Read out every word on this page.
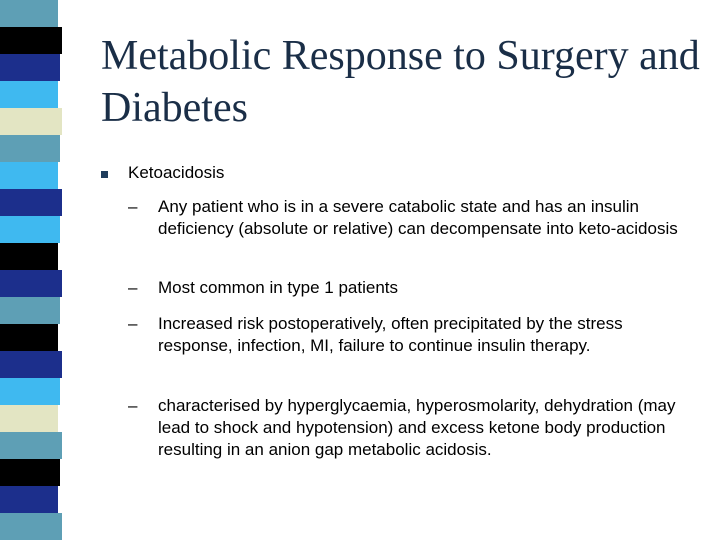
Metabolic Response to Surgery and Diabetes
Ketoacidosis
– Any patient who is in a severe catabolic state and has an insulin deficiency (absolute or relative) can decompensate into keto-acidosis
– Most common in type 1 patients
– Increased risk postoperatively, often precipitated by the stress response, infection, MI, failure to continue insulin therapy.
– characterised by hyperglycaemia, hyperosmolarity, dehydration (may lead to shock and hypotension) and excess ketone body production resulting in an anion gap metabolic acidosis.
